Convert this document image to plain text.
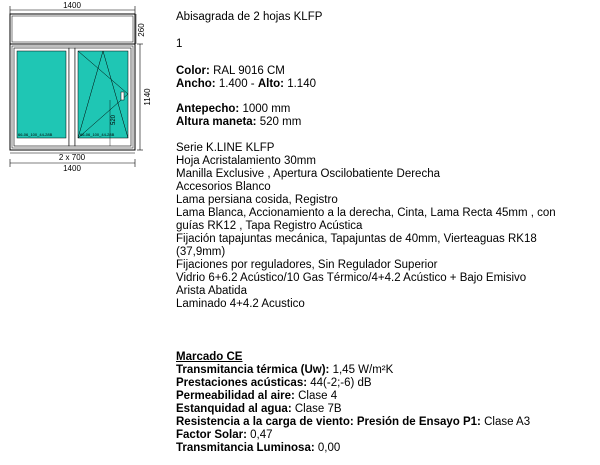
1400
260
66-06_100_44-28B	66-06_100_44-28B
520
1140
2 x 700
1400
Abisagrada de 2 hojas KLFP
1
Color: RAL 9016 CM
Ancho: 1.400 - Alto: 1.140
Antepecho: 1000 mm
Altura maneta: 520 mm
Serie K.LINE KLFP
Hoja Acristalamiento 30mm
Manilla Exclusive , Apertura Oscilobatiente Derecha
Accesorios Blanco
Lama persiana cosida, Registro
Lama Blanca, Accionamiento a la derecha, Cinta, Lama Recta 45mm , con
guías RK12 , Tapa Registro Acústica
Fijación tapajuntas mecánica, Tapajuntas de 40mm, Vierteaguas RK18
(37,9mm)
Fijaciones por reguladores, Sin Regulador Superior
Vidrio 6+6.2 Acústico/10 Gas Térmico/4+4.2 Acústico + Bajo Emisivo
Arista Abatida
Laminado 4+4.2 Acustico
Marcado CE
Transmitancia térmica (Uw): 1,45 W/m²K
Prestaciones acústicas: 44(-2;-6) dB
Permeabilidad al aire: Clase 4
Estanquidad al agua: Clase 7B
Resistencia a la carga de viento: Presión de Ensayo P1: Clase A3
Factor Solar: 0,47
Transmitancia Luminosa: 0,00
